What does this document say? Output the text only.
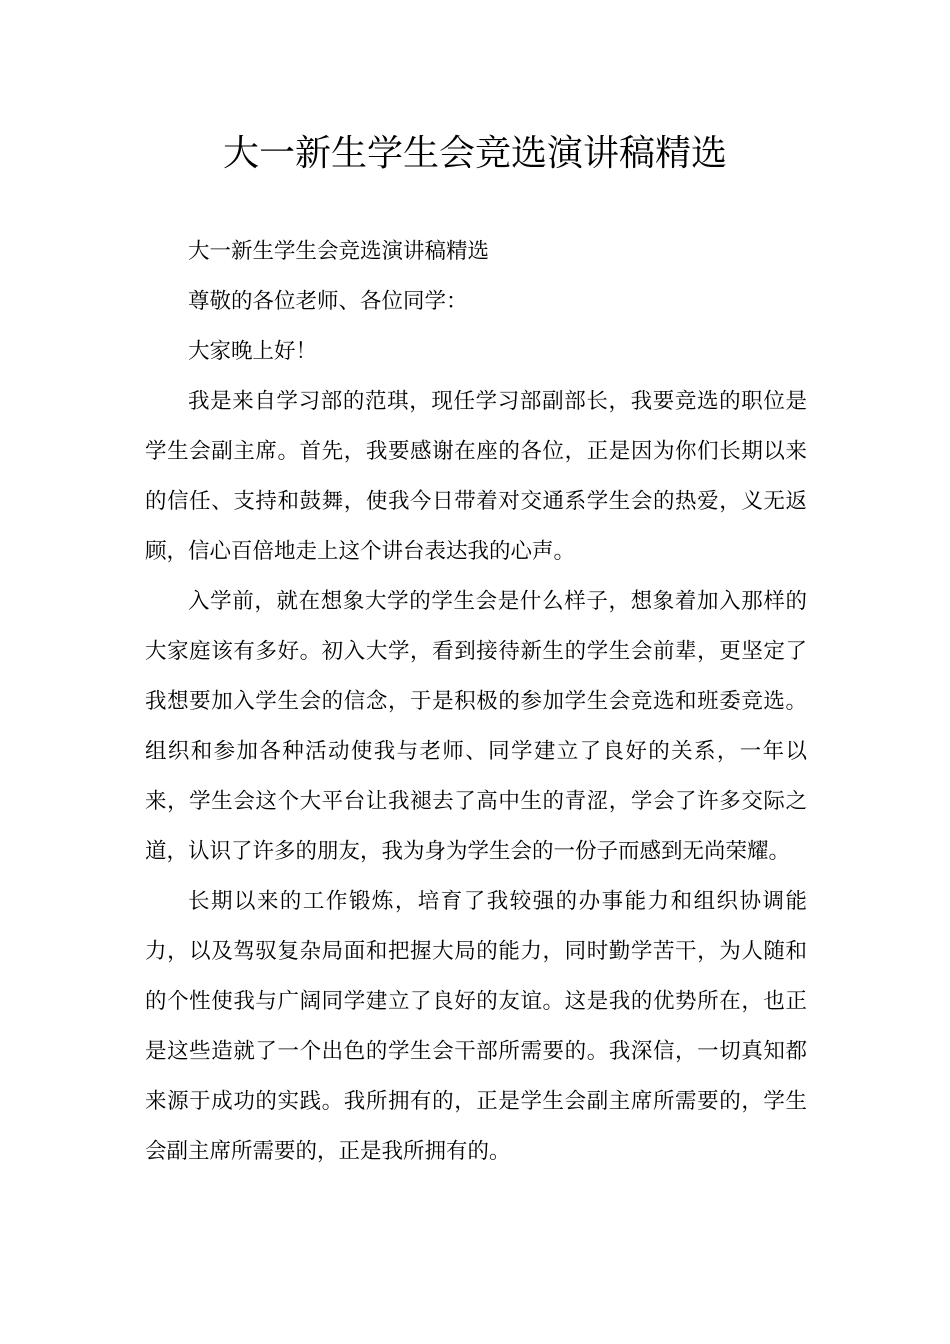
大一新生学生会竞选演讲稿精选

大一新生学生会竞选演讲稿精选

尊敬的各位老师、各位同学：

大家晚上好！

我是来自学习部的范琪，现任学习部副部长，我要竞选的职位是学生会副主席。首先，我要感谢在座的各位，正是因为你们长期以来的信任、支持和鼓舞，使我今日带着对交通系学生会的热爱，义无返顾，信心百倍地走上这个讲台表达我的心声。

入学前，就在想象大学的学生会是什么样子，想象着加入那样的大家庭该有多好。初入大学，看到接待新生的学生会前辈，更坚定了我想要加入学生会的信念，于是积极的参加学生会竞选和班委竞选。组织和参加各种活动使我与老师、同学建立了良好的关系，一年以来，学生会这个大平台让我褪去了高中生的青涩，学会了许多交际之道，认识了许多的朋友，我为身为学生会的一份子而感到无尚荣耀。

长期以来的工作锻炼，培育了我较强的办事能力和组织协调能力，以及驾驭复杂局面和把握大局的能力，同时勤学苦干，为人随和的个性使我与广阔同学建立了良好的友谊。这是我的优势所在，也正是这些造就了一个出色的学生会干部所需要的。我深信，一切真知都来源于成功的实践。我所拥有的，正是学生会副主席所需要的，学生会副主席所需要的，正是我所拥有的。
